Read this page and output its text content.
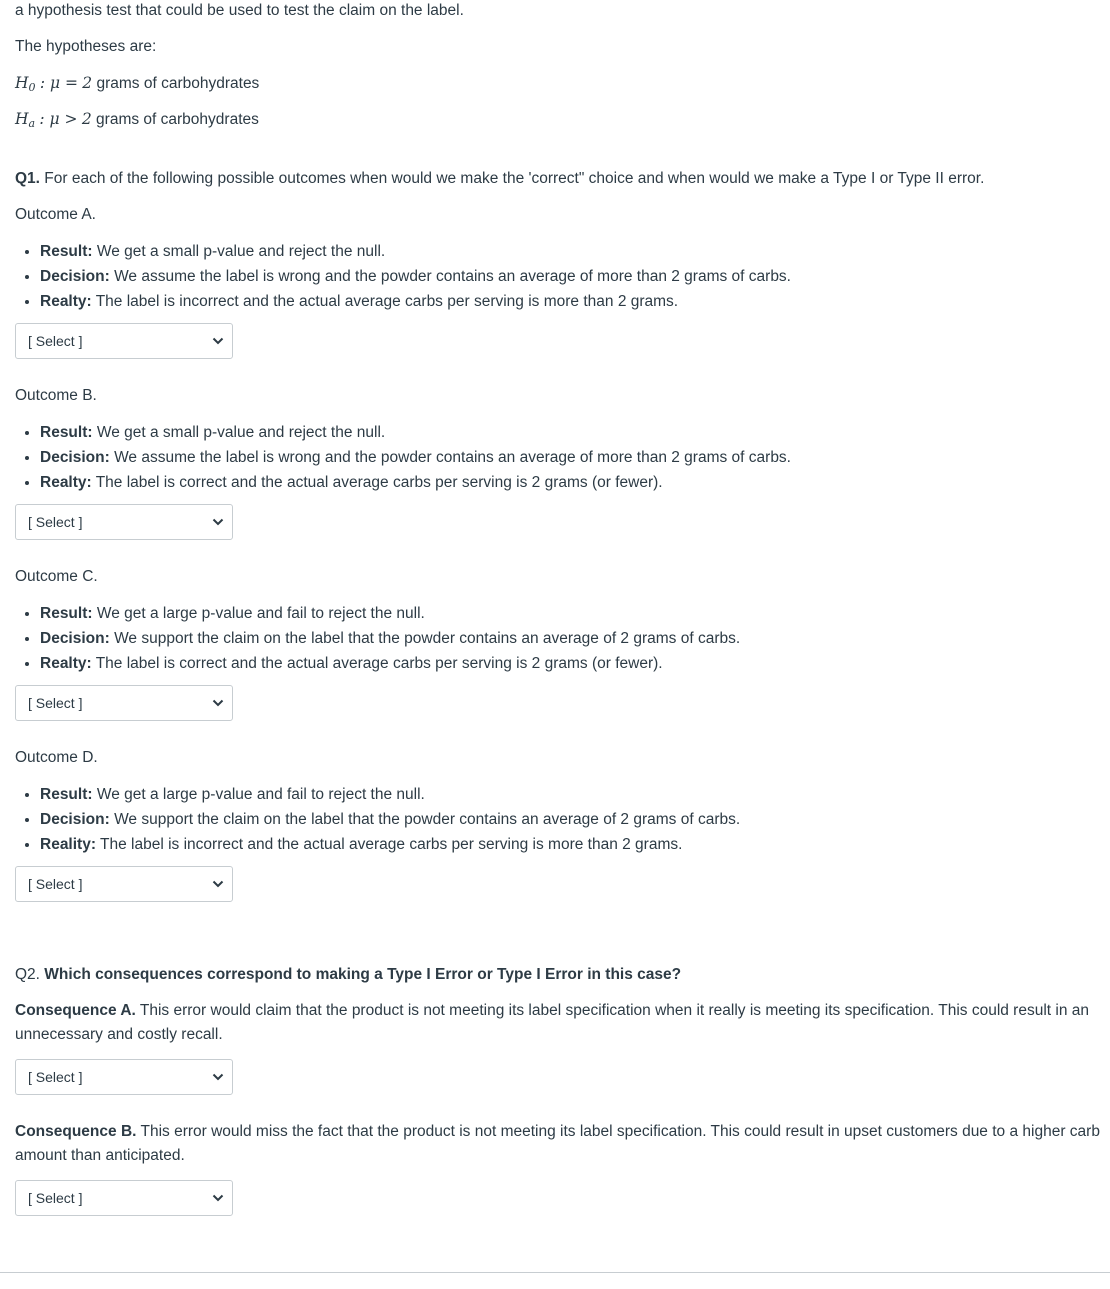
a hypothesis test that could be used to test the claim on the label.

The hypotheses are:

$H_0$ : μ = 2 grams of carbohydrates

$H_a$ : μ > 2 grams of carbohydrates

Q1. For each of the following possible outcomes when would we make the 'correct" choice and when would we make a Type I or Type II error.

Outcome A.

• Result: We get a small p-value and reject the null.
• Decision: We assume the label is wrong and the powder contains an average of more than 2 grams of carbs.
• Realty: The label is incorrect and the actual average carbs per serving is more than 2 grams.
[ Select ]

Outcome B.

• Result: We get a small p-value and reject the null.
• Decision: We assume the label is wrong and the powder contains an average of more than 2 grams of carbs.
• Realty: The label is correct and the actual average carbs per serving is 2 grams (or fewer).
[ Select ]

Outcome C.

• Result: We get a large p-value and fail to reject the null.
• Decision: We support the claim on the label that the powder contains an average of 2 grams of carbs.
• Realty: The label is correct and the actual average carbs per serving is 2 grams (or fewer).
[ Select ]

Outcome D.

• Result: We get a large p-value and fail to reject the null.
• Decision: We support the claim on the label that the powder contains an average of 2 grams of carbs.
• Reality: The label is incorrect and the actual average carbs per serving is more than 2 grams.
[ Select ]

Q2. Which consequences correspond to making a Type I Error or Type I Error in this case?

Consequence A. This error would claim that the product is not meeting its label specification when it really is meeting its specification. This could result in an unnecessary and costly recall.

[ Select ]

Consequence B. This error would miss the fact that the product is not meeting its label specification. This could result in upset customers due to a higher carb amount than anticipated.

[ Select ]
